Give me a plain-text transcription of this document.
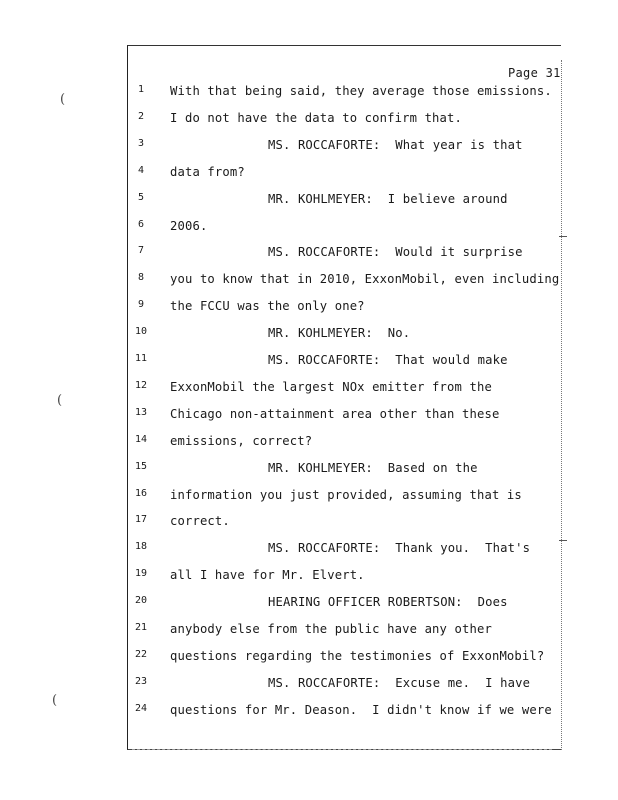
(
(
(
Page 31
1	With that being said, they average those emissions.
2	I do not have the data to confirm that.
3	MS. ROCCAFORTE:  What year is that
4	data from?
5	MR. KOHLMEYER:  I believe around
6	2006.
7	MS. ROCCAFORTE:  Would it surprise
8	you to know that in 2010, ExxonMobil, even including
9	the FCCU was the only one?
10	MR. KOHLMEYER:  No.
11	MS. ROCCAFORTE:  That would make
12 ExxonMobil the largest NOx emitter from the
13 Chicago non-attainment area other than these
14 emissions, correct?
15	MR. KOHLMEYER:  Based on the
16 information you just provided, assuming that is
17 correct.
18	MS. ROCCAFORTE:  Thank you.  That's
19 all I have for Mr. Elvert.
20	HEARING OFFICER ROBERTSON:  Does
21 anybody else from the public have any other
22 questions regarding the testimonies of ExxonMobil?
23	MS. ROCCAFORTE:  Excuse me.  I have
24 questions for Mr. Deason.  I didn't know if we were
